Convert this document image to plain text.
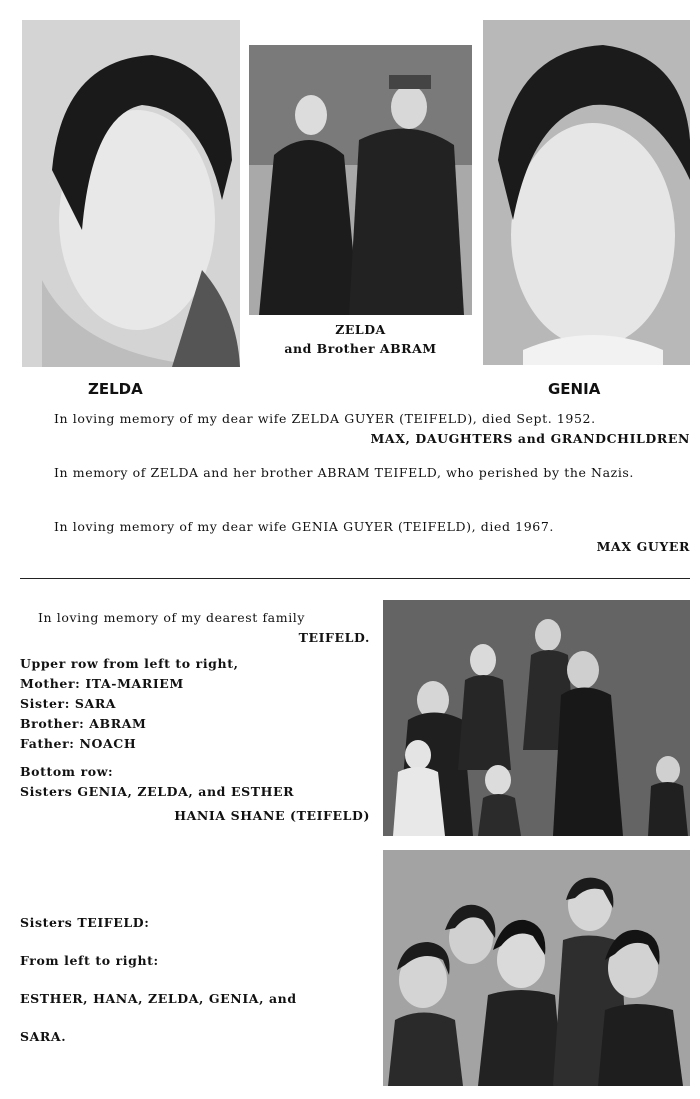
ZELDA
and Brother ABRAM
ZELDA	GENIA
In loving memory of my dear wife ZELDA GUYER (TEIFELD), died Sept. 1952.
MAX, DAUGHTERS and GRANDCHILDREN
In memory of ZELDA and her brother ABRAM TEIFELD, who perished by the Nazis.
In loving memory of my dear wife GENIA GUYER (TEIFELD), died 1967.
MAX GUYER
In loving memory of my dearest family
TEIFELD.
Upper row from left to right,
Mother: ITA-MARIEM
Sister: SARA
Brother: ABRAM
Father: NOACH
Bottom row:
Sisters GENIA, ZELDA, and ESTHER
HANIA SHANE (TEIFELD)
Sisters TEIFELD:
From left to right:
ESTHER, HANA, ZELDA, GENIA, and
SARA.
